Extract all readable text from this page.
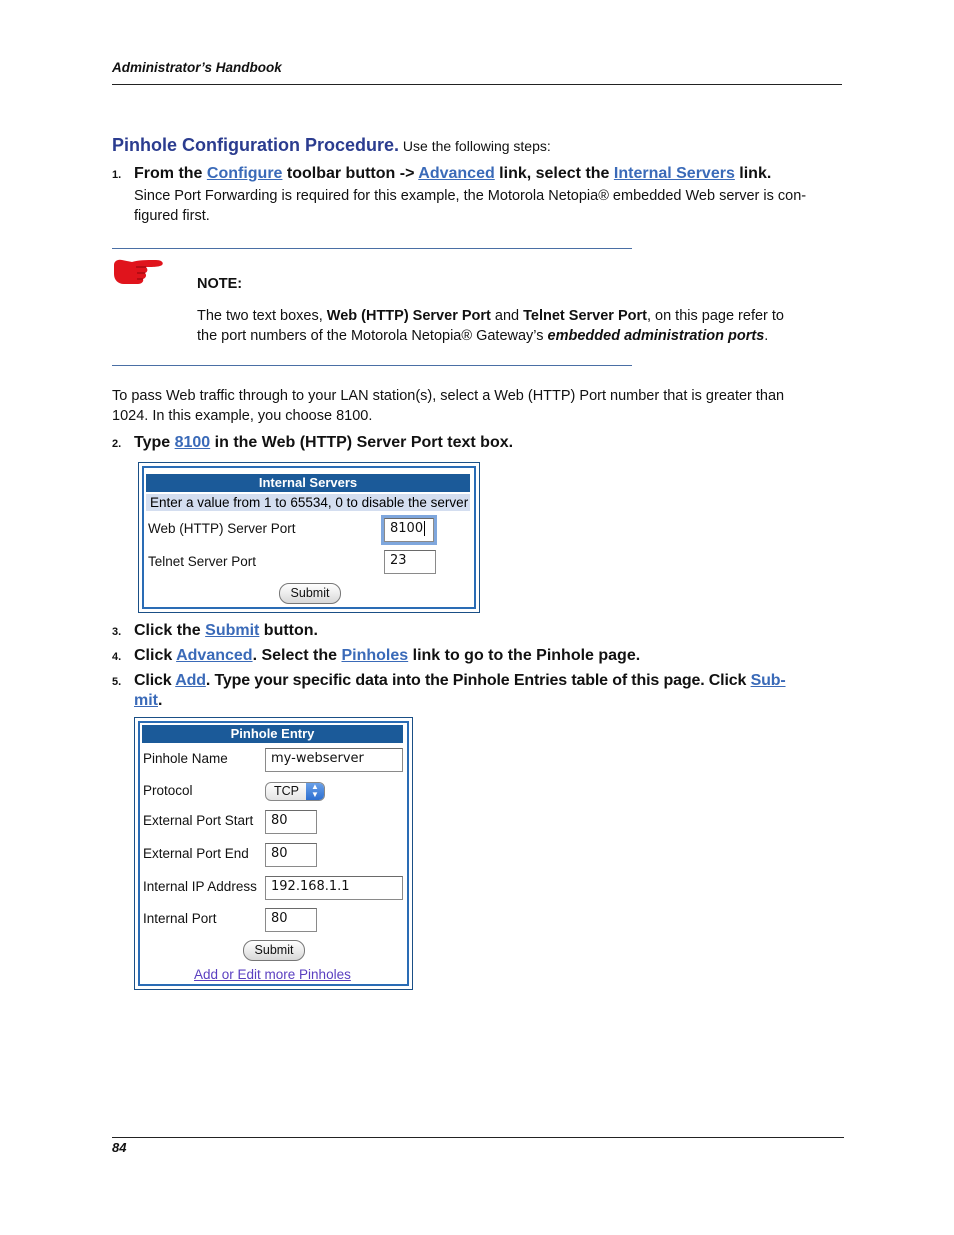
Administrator’s Handbook
Pinhole Configuration Procedure. Use the following steps:
1. From the Configure toolbar button -> Advanced link, select the Internal Servers link.
Since Port Forwarding is required for this example, the Motorola Netopia® embedded Web server is con-
figured first.
NOTE:
The two text boxes, Web (HTTP) Server Port and Telnet Server Port, on this page refer to
the port numbers of the Motorola Netopia® Gateway’s embedded administration ports.
To pass Web traffic through to your LAN station(s), select a Web (HTTP) Port number that is greater than
1024. In this example, you choose 8100.
2. Type 8100 in the Web (HTTP) Server Port text box.
Internal Servers
Enter a value from 1 to 65534, 0 to disable the server
Web (HTTP) Server Port	8100
Telnet Server Port	23
Submit
3. Click the Submit button.
4. Click Advanced. Select the Pinholes link to go to the Pinhole page.
5. Click Add. Type your specific data into the Pinhole Entries table of this page. Click Sub-
mit.
Pinhole Entry
Pinhole Name	my-webserver
Protocol	TCP	▲
▼
External Port Start	80
External Port End	80
Internal IP Address	192.168.1.1
Internal Port	80
Submit
Add or Edit more Pinholes
84
